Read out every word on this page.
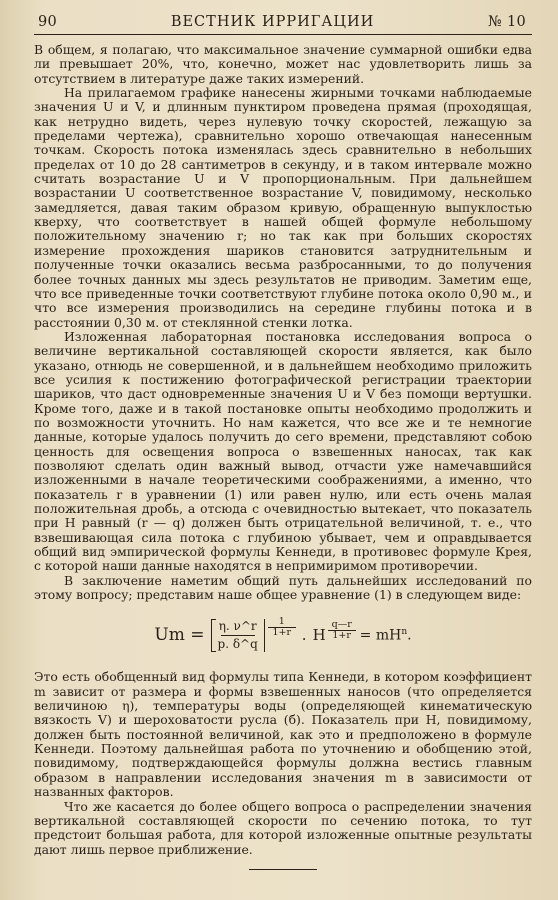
90	ВЕСТНИК ИРРИГАЦИИ	№ 10

В общем, я полагаю, что максимальное значение суммарной ошибки едва ли превышает 20%, что, конечно, может нас удовлетворить лишь за отсутствием в литературе даже таких измерений.

На прилагаемом графике нанесены жирными точками наблюдаемые значения U и V, и длинным пунктиром проведена прямая (проходящая, как нетрудно видеть, через нулевую точку скоростей, лежащую за пределами чертежа), сравнительно хорошо отвечающая нанесенным точкам. Скорость потока изменялась здесь сравнительно в небольших пределах от 10 до 28 сантиметров в секунду, и в таком интервале можно считать возрастание U и V пропорциональным. При дальнейшем возрастании U соответственное возрастание V, повидимому, несколько замедляется, давая таким образом кривую, обращенную выпуклостью кверху, что соответствует в нашей общей формуле небольшому положительному значению r; но так как при больших скоростях измерение прохождения шариков становится затруднительным и полученные точки оказались весьма разбросанными, то до получения более точных данных мы здесь результатов не приводим. Заметим еще, что все приведенные точки соответствуют глубине потока около 0,90 м., и что все измерения производились на середине глубины потока и в расстоянии 0,30 м. от стеклянной стенки лотка.

Изложенная лабораторная постановка исследования вопроса о величине вертикальной составляющей скорости является, как было указано, отнюдь не совершенной, и в дальнейшем необходимо приложить все усилия к постижению фотографической регистрации траектории шариков, что даст одновременные значения U и V без помощи вертушки. Кроме того, даже и в такой постановке опыты необходимо продолжить и по возможности уточнить. Но нам кажется, что все же и те немногие данные, которые удалось получить до сего времени, представляют собою ценность для освещения вопроса о взвешенных наносах, так как позволяют сделать один важный вывод, отчасти уже намечавшийся изложенными в начале теоретическими соображениями, а именно, что показатель r в уравнении (1) или равен нулю, или есть очень малая положительная дробь, а отсюда с очевидностью вытекает, что показатель при H равный (r — q) должен быть отрицательной величиной, т. е., что взвешивающая сила потока с глубиною убывает, чем и оправдывается общий вид эмпирической формулы Кеннеди, в противовес формуле Крея, с которой наши данные находятся в непримиримом противоречии.

В заключение наметим общий путь дальнейших исследований по этому вопросу; представим наше общее уравнение (1) в следующем виде:

Um = η. ν^r
p. δ^q
1
1+r . H
q—r
$1+r = mH^n$.

Это есть обобщенный вид формулы типа Кеннеди, в котором коэффициент m зависит от размера и формы взвешенных наносов (что определяется величиною η), температуры воды (определяющей кинематическую вязкость V) и шероховатости русла (б). Показатель при H, повидимому, должен быть постоянной величиной, как это и предположено в формуле Кеннеди. Поэтому дальнейшая работа по уточнению и обобщению этой, повидимому, подтверждающейся формулы должна вестись главным образом в направлении исследования значения m в зависимости от названных факторов.

Что же касается до более общего вопроса о распределении значения вертикальной составляющей скорости по сечению потока, то тут предстоит большая работа, для которой изложенные опытные результаты дают лишь первое приближение.
